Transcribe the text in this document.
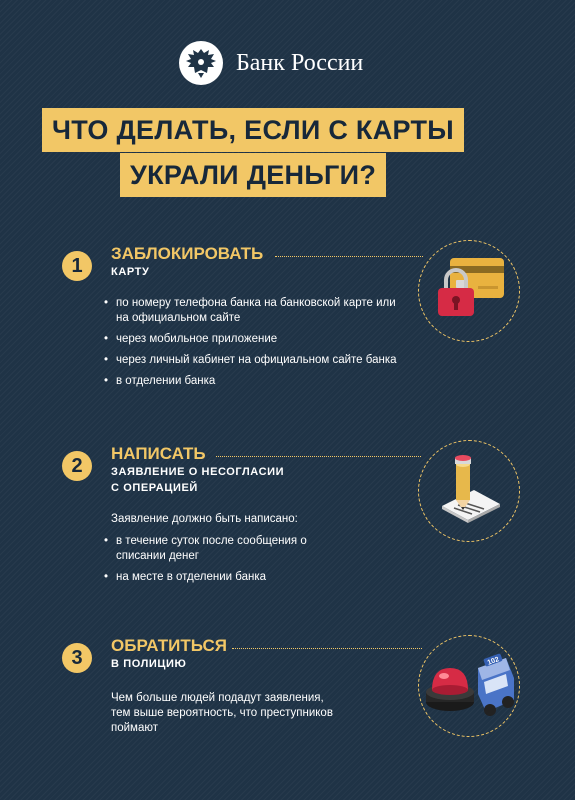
Банк России
ЧТО ДЕЛАТЬ, ЕСЛИ С КАРТЫ
УКРАЛИ ДЕНЬГИ?
1
ЗАБЛОКИРОВАТЬ
КАРТУ
• по номеру телефона банка на банковской карте или на официальном сайте
• через мобильное приложение
• через личный кабинет на официальном сайте банка
• в отделении банка
2
НАПИСАТЬ
ЗАЯВЛЕНИЕ О НЕСОГЛАСИИ
С ОПЕРАЦИЕЙ
Заявление должно быть написано:
• в течение суток после сообщения о списании денег
• на месте в отделении банка
3
ОБРАТИТЬСЯ
В ПОЛИЦИЮ
Чем больше людей подадут заявления, тем выше вероятность, что преступников поймают
102
